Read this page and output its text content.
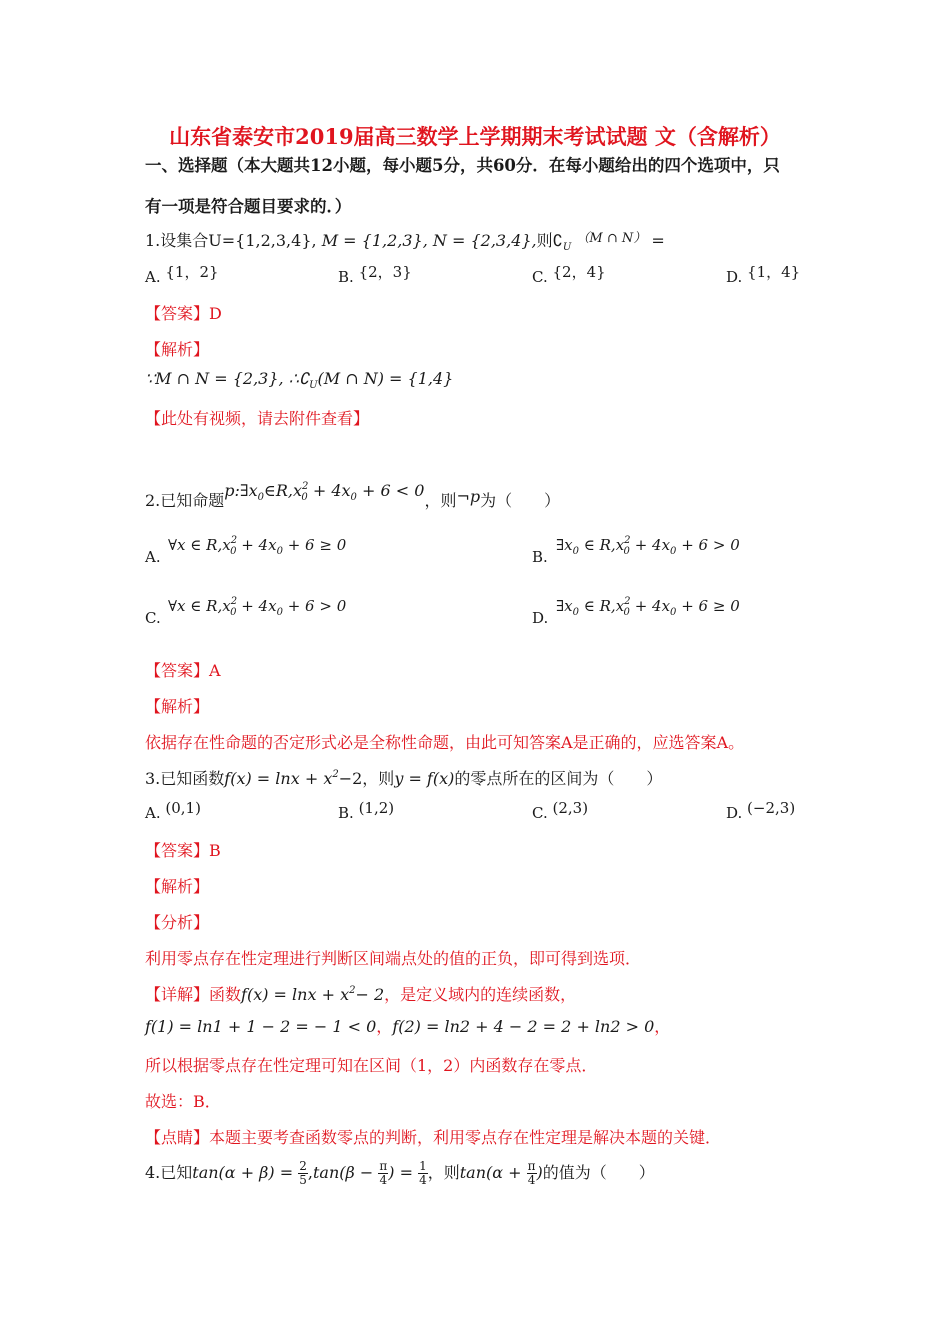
山东省泰安市2019届高三数学上学期期末考试试题 文（含解析）
一、选择题（本大题共12小题，每小题5分，共60分．在每小题给出的四个选项中，只
有一项是符合题目要求的．）
1.设集合U={1,2,3,4}, M = {1,2,3}, N = {2,3,4},则$∁_U$ $^{(M \cap N)}$ =
A. {1，2}	B. {2，3}	C. {2，4}	D. {1，4}
【答案】D
【解析】
∵M ∩ N = {2,3}, $\therefore∁_U(M$ ∩ N) = {1,4}
【此处有视频，请去附件查看】
2.已知命题$p:\exists x_0\in R,x^2_0 + 4x_0 + 6 < 0$，则¬p为（　　）
A.
∀x ∈ $R,x^2_0 + 4x_0 + 6 \ge 0$
B.
$\exists x_0$ ∈ $R,x^2_0 + 4x_0 + 6 > 0$
C.
∀x ∈ $R,x^2_0 + 4x_0 + 6 > 0$
D.
$\exists x_0$ ∈ $R,x^2_0 + 4x_0 + 6 \ge 0$
【答案】A
【解析】
依据存在性命题的否定形式必是全称性命题，由此可知答案A是正确的，应选答案A。
3.已知函数$f(x) = \ln x + x^2-2$，则y = f(x)的零点所在的区间为（　　）
A. (0,1)	B. (1,2)	C. (2,3)	D. (−2,3)
【答案】B
【解析】
【分析】
利用零点存在性定理进行判断区间端点处的值的正负，即可得到选项．
【详解】函数$f(x) = \ln x + x^2- 2$，是定义域内的连续函数，
f(1) = ln1 + 1 − 2 = − 1 < 0，f(2) = ln2 + 4 − 2 = 2 + ln2 > 0，
所以根据零点存在性定理可知在区间（1，2）内函数存在零点．
故选：B．
【点睛】本题主要考查函数零点的判断，利用零点存在性定理是解决本题的关键．
4.已知$\tan(\alpha + \beta) = \frac{2}{5} ,\tan(\beta - \frac{\pi}{4}$ ) = $\frac{1}{4}$ ，则$\tan(\alpha + \frac{\pi}{4}$ )的值为（　　）
